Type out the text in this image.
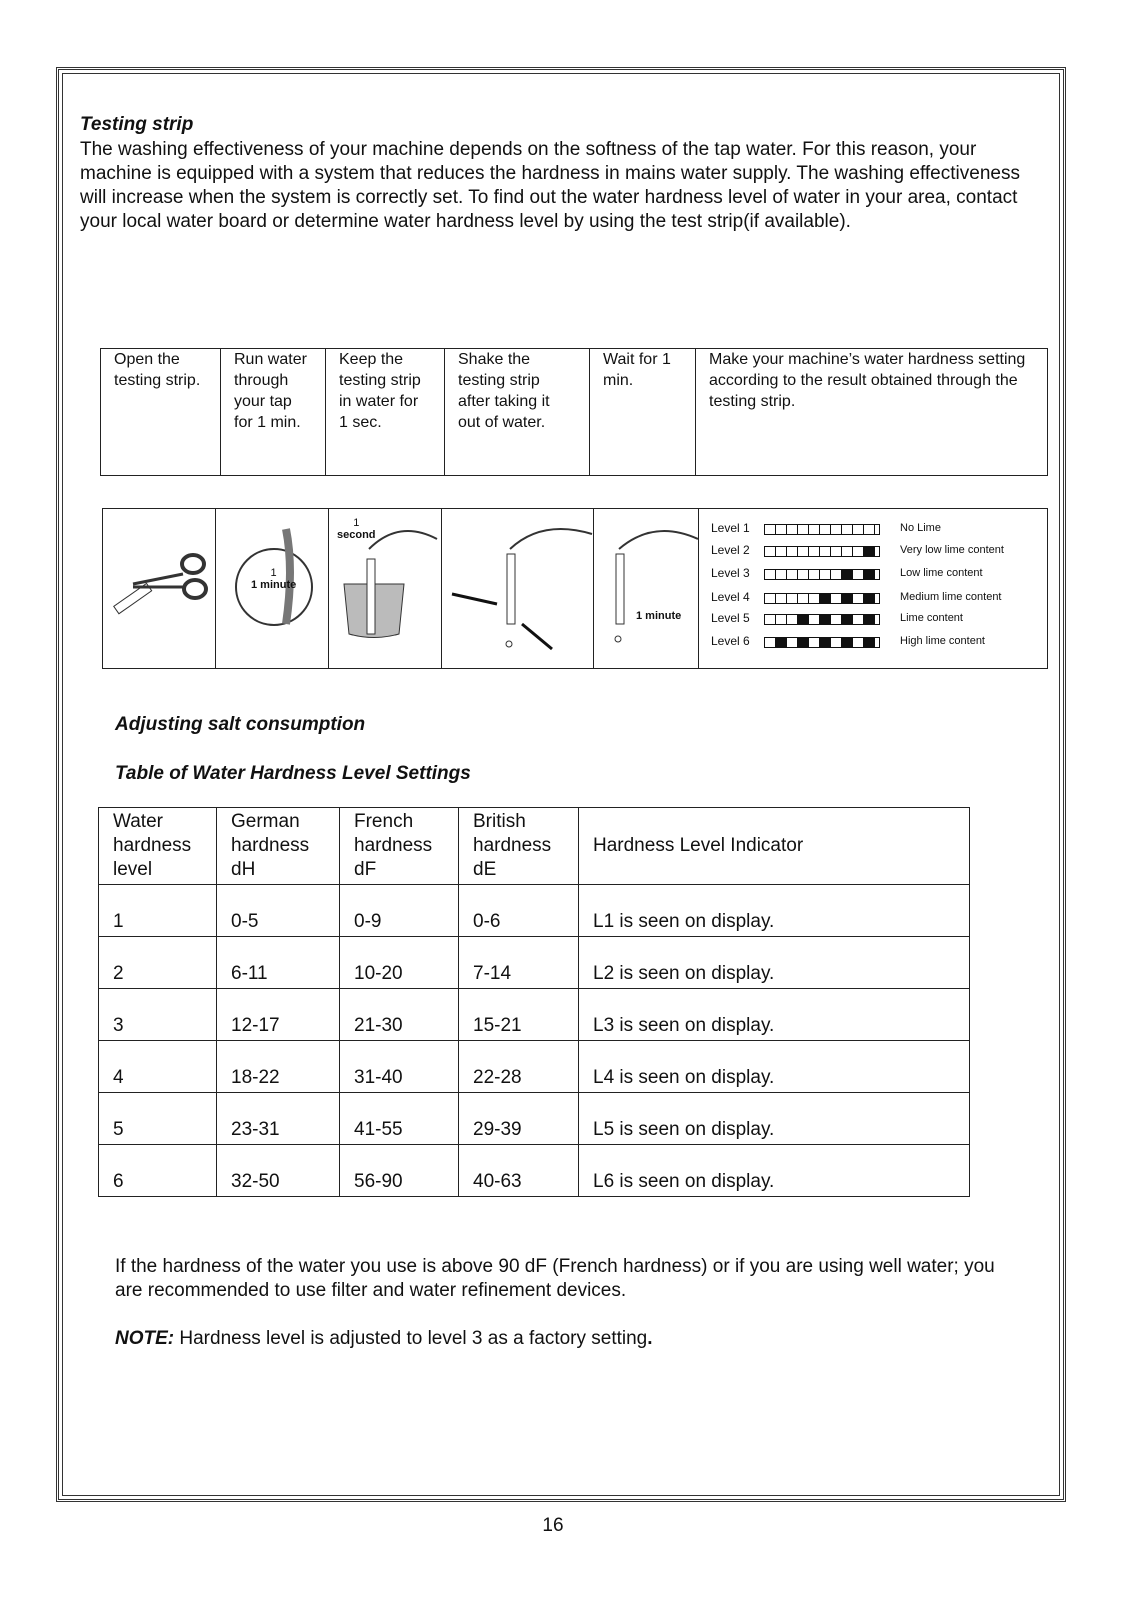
Testing strip
The washing effectiveness of your machine depends on the softness of the tap water. For this reason, your machine is equipped with a system that reduces the hardness in mains water supply. The washing effectiveness will increase when the system is correctly set. To find out the water hardness level of water in your area, contact your local water board or determine water hardness level by using the test strip(if available).
Open the testing strip.	Run water through your tap for 1 min.	Keep the testing strip in water for 1 sec.	Shake the testing strip after taking it out of water.	Wait for 1 min.	Make your machine’s water hardness setting according to the result obtained through the testing strip.

1
1 minute

1
second

1 minute

Level 1	No Lime
Level 2	Very low lime content
Level 3	Low lime content
Level 4	Medium lime content
Level 5	Lime content
Level 6	High lime content
Adjusting salt consumption
Table of Water Hardness Level Settings
Water hardness level	German hardness dH	French hardness dF	British hardness dE	Hardness Level Indicator
1	0-5	0-9	0-6	L1 is seen on display.
2	6-11	10-20	7-14	L2 is seen on display.
3	12-17	21-30	15-21	L3 is seen on display.
4	18-22	31-40	22-28	L4 is seen on display.
5	23-31	41-55	29-39	L5 is seen on display.
6	32-50	56-90	40-63	L6 is seen on display.
If the hardness of the water you use is above 90 dF (French hardness) or if you are using well water; you are recommended to use filter and water refinement devices.
NOTE: Hardness level is adjusted to level 3 as a factory setting.
16
